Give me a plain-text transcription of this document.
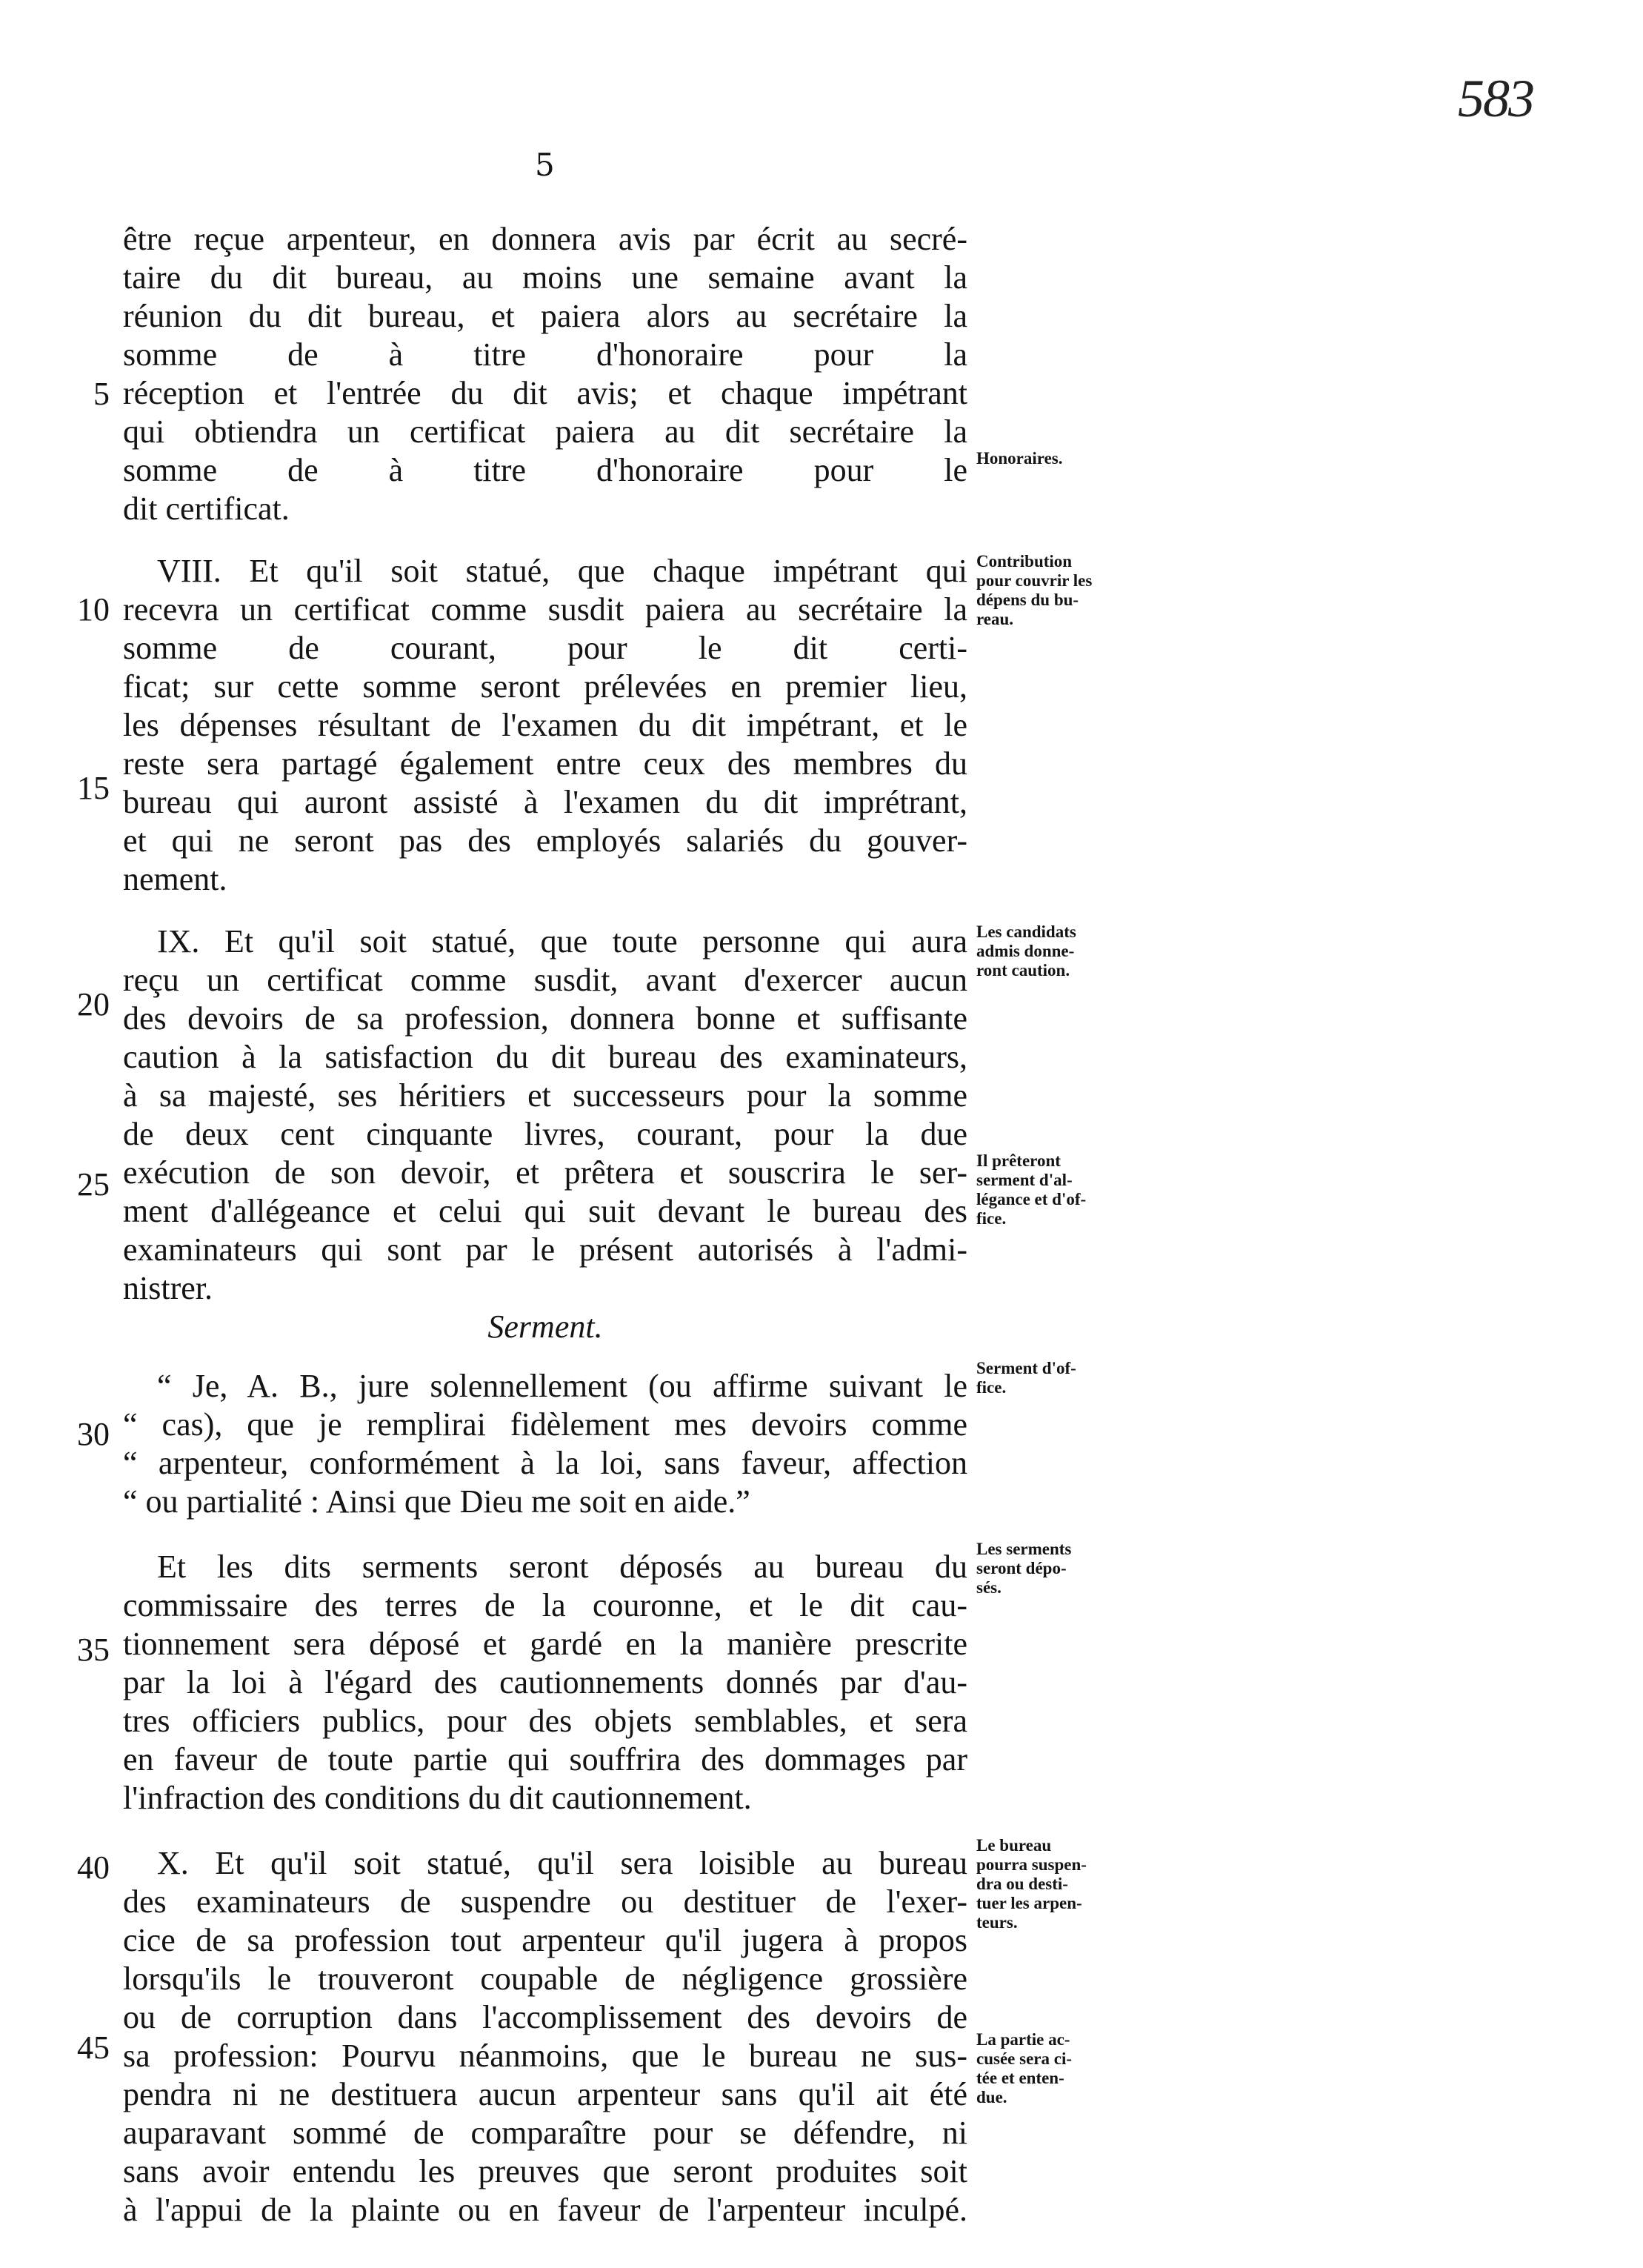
583
5
5
10
15
20
25
30
35
40
45
être reçue arpenteur, en donnera avis par écrit au secré-
taire du dit bureau, au moins une semaine avant la
réunion du dit bureau, et paiera alors au secrétaire la
somme de à titre d'honoraire pour la
réception et l'entrée du dit avis; et chaque impétrant
qui obtiendra un certificat paiera au dit secrétaire la
somme de à titre d'honoraire pour le
dit certificat.
VIII. Et qu'il soit statué, que chaque impétrant qui
recevra un certificat comme susdit paiera au secrétaire la
somme de courant, pour le dit certi-
ficat; sur cette somme seront prélevées en premier lieu,
les dépenses résultant de l'examen du dit impétrant, et le
reste sera partagé également entre ceux des membres du
bureau qui auront assisté à l'examen du dit imprétrant,
et qui ne seront pas des employés salariés du gouver-
nement.
IX. Et qu'il soit statué, que toute personne qui aura
reçu un certificat comme susdit, avant d'exercer aucun
des devoirs de sa profession, donnera bonne et suffisante
caution à la satisfaction du dit bureau des examinateurs,
à sa majesté, ses héritiers et successeurs pour la somme
de deux cent cinquante livres, courant, pour la due
exécution de son devoir, et prêtera et souscrira le ser-
ment d'allégeance et celui qui suit devant le bureau des
examinateurs qui sont par le présent autorisés à l'admi-
nistrer.
Serment.
“ Je, A. B., jure solennellement (ou affirme suivant le
“ cas), que je remplirai fidèlement mes devoirs comme
“ arpenteur, conformément à la loi, sans faveur, affection
“ ou partialité : Ainsi que Dieu me soit en aide.”
Et les dits serments seront déposés au bureau du
commissaire des terres de la couronne, et le dit cau-
tionnement sera déposé et gardé en la manière prescrite
par la loi à l'égard des cautionnements donnés par d'au-
tres officiers publics, pour des objets semblables, et sera
en faveur de toute partie qui souffrira des dommages par
l'infraction des conditions du dit cautionnement.
X. Et qu'il soit statué, qu'il sera loisible au bureau
des examinateurs de suspendre ou destituer de l'exer-
cice de sa profession tout arpenteur qu'il jugera à propos
lorsqu'ils le trouveront coupable de négligence grossière
ou de corruption dans l'accomplissement des devoirs de
sa profession: Pourvu néanmoins, que le bureau ne sus-
pendra ni ne destituera aucun arpenteur sans qu'il ait été
auparavant sommé de comparaître pour se défendre, ni
sans avoir entendu les preuves que seront produites soit
à l'appui de la plainte ou en faveur de l'arpenteur inculpé.
Honoraires.
Contribution
pour couvrir les
dépens du bu-
reau.
Les candidats
admis donne-
ront caution.
Il prêteront
serment d'al-
légance et d'of-
fice.
Serment d'of-
fice.
Les serments
seront dépo-
sés.
Le bureau
pourra suspen-
dra ou desti-
tuer les arpen-
teurs.
La partie ac-
cusée sera ci-
tée et enten-
due.
